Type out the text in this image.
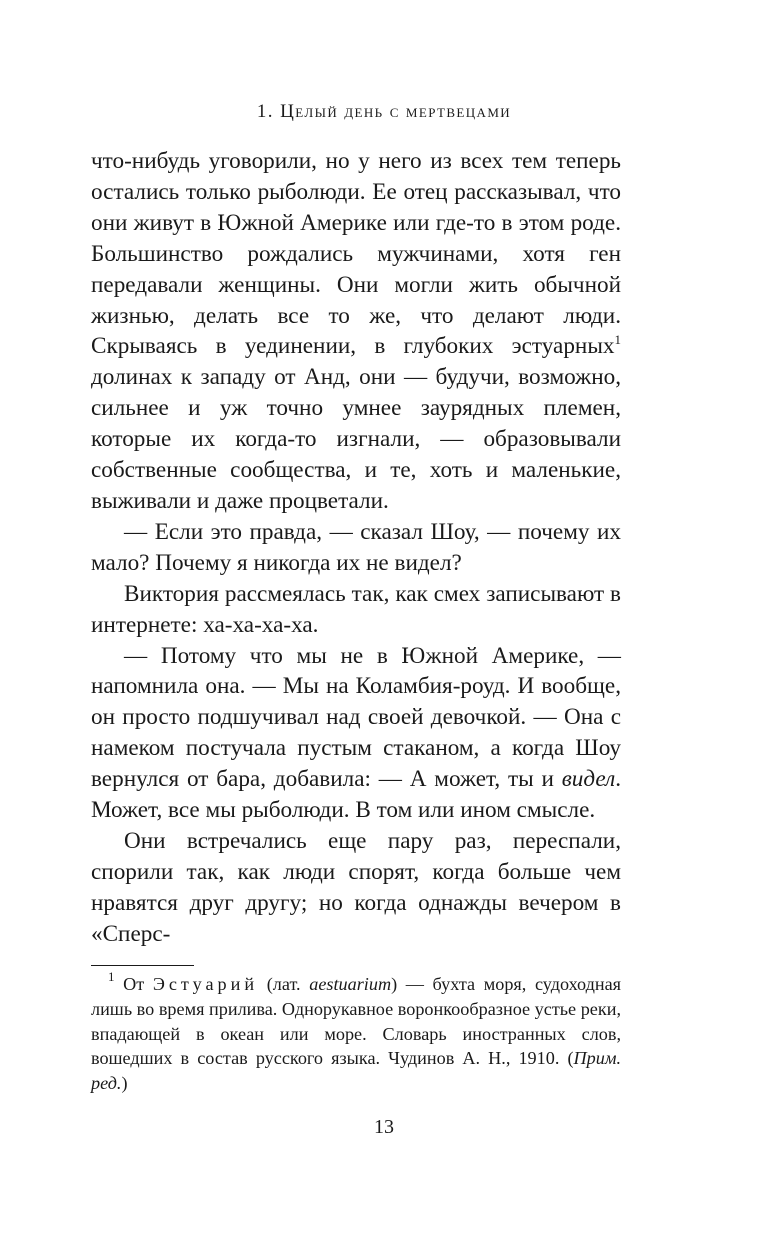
1. Целый день с мертвецами

что-нибудь уговорили, но у него из всех тем теперь остались только рыболюди. Ее отец рассказывал, что они живут в Южной Америке или где-то в этом роде. Большинство рождались мужчинами, хотя ген передавали женщины. Они могли жить обычной жизнью, делать все то же, что делают люди. Скрываясь в уединении, в глубоких эстуарных$^1$ долинах к западу от Анд, они — будучи, возможно, сильнее и уж точно умнее заурядных племен, которые их когда-то изгнали, — образовывали собственные сообщества, и те, хоть и маленькие, выживали и даже процветали.

— Если это правда, — сказал Шоу, — почему их мало? Почему я никогда их не видел?

Виктория рассмеялась так, как смех записывают в интернете: ха-ха-ха-ха.

— Потому что мы не в Южной Америке, — напомнила она. — Мы на Коламбия-роуд. И вообще, он просто подшучивал над своей девочкой. — Она с намеком постучала пустым стаканом, а когда Шоу вернулся от бара, добавила: — А может, ты и видел. Может, все мы рыболюди. В том или ином смысле.

Они встречались еще пару раз, переспали, спорили так, как люди спорят, когда больше чем нравятся друг другу; но когда однажды вечером в «Сперс-

$^1$ От Эстуарий (лат. aestuarium) — бухта моря, судоходная лишь во время прилива. Однорукавное воронкообразное устье реки, впадающей в океан или море. Словарь иностранных слов, вошедших в состав русского языка. Чудинов А. Н., 1910. (Прим. ред.)

13
